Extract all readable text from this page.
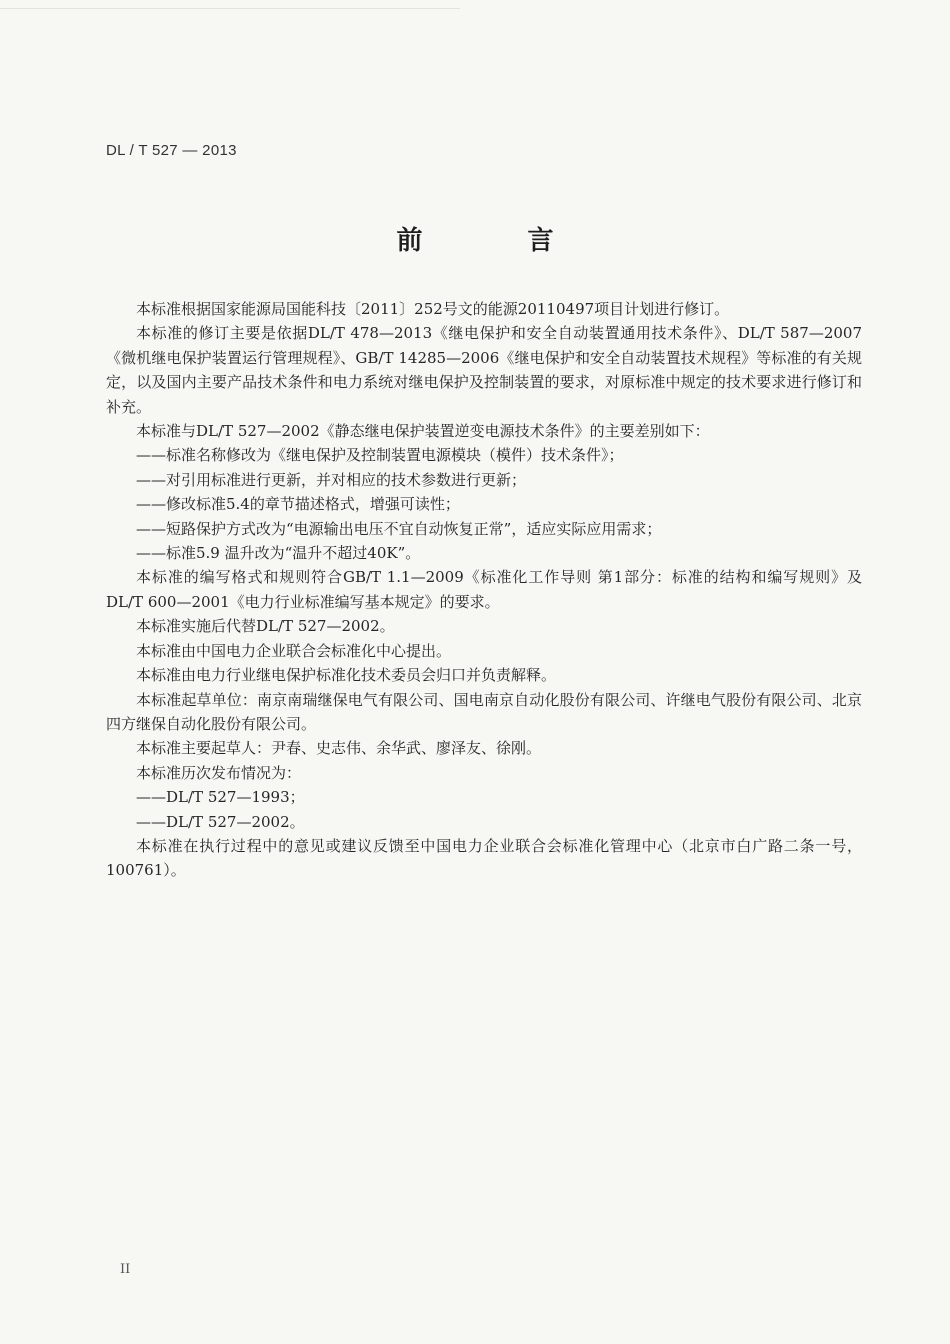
DL / T 527 — 2013
前 言

本标准根据国家能源局国能科技〔2011〕252号文的能源20110497项目计划进行修订。

本标准的修订主要是依据DL/T 478—2013《继电保护和安全自动装置通用技术条件》、DL/T 587—2007《微机继电保护装置运行管理规程》、GB/T 14285—2006《继电保护和安全自动装置技术规程》等标准的有关规定，以及国内主要产品技术条件和电力系统对继电保护及控制装置的要求，对原标准中规定的技术要求进行修订和补充。

本标准与DL/T 527—2002《静态继电保护装置逆变电源技术条件》的主要差别如下：

——标准名称修改为《继电保护及控制装置电源模块（模件）技术条件》；

——对引用标准进行更新，并对相应的技术参数进行更新；

——修改标准5.4的章节描述格式，增强可读性；

——短路保护方式改为“电源输出电压不宜自动恢复正常”，适应实际应用需求；

——标准5.9 温升改为“温升不超过40K”。

本标准的编写格式和规则符合GB/T 1.1—2009《标准化工作导则 第1部分：标准的结构和编写规则》及DL/T 600—2001《电力行业标准编写基本规定》的要求。

本标准实施后代替DL/T 527—2002。

本标准由中国电力企业联合会标准化中心提出。

本标准由电力行业继电保护标准化技术委员会归口并负责解释。

本标准起草单位：南京南瑞继保电气有限公司、国电南京自动化股份有限公司、许继电气股份有限公司、北京四方继保自动化股份有限公司。

本标准主要起草人：尹春、史志伟、余华武、廖泽友、徐刚。

本标准历次发布情况为：

——DL/T 527—1993；

——DL/T 527—2002。

本标准在执行过程中的意见或建议反馈至中国电力企业联合会标准化管理中心（北京市白广路二条一号，100761）。

II
